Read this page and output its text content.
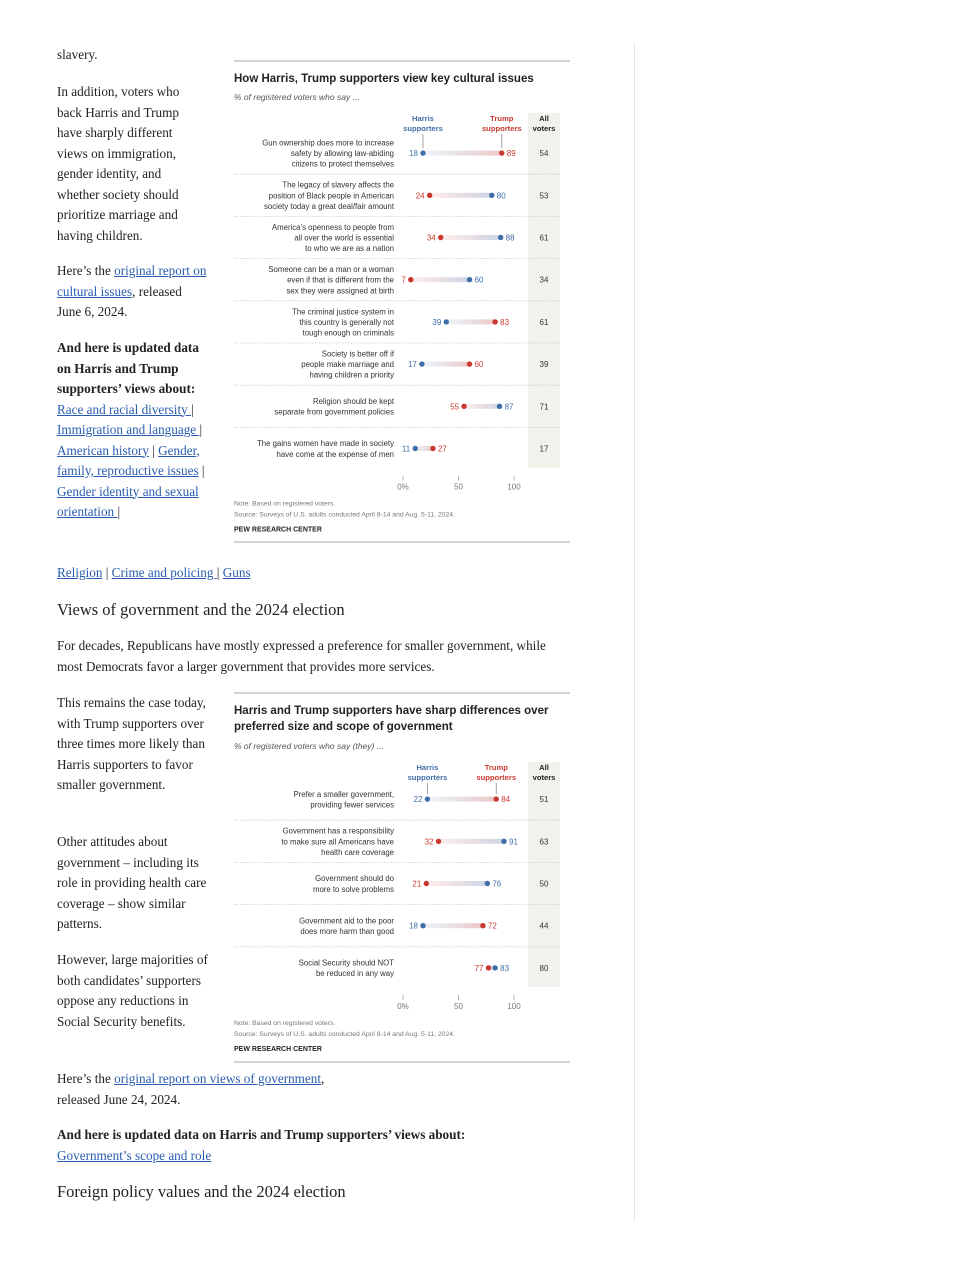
slavery.
In addition, voters who back Harris and Trump have sharply different views on immigration, gender identity, and whether society should prioritize marriage and having children.
Here’s the original report on cultural issues, released June 6, 2024.
And here is updated data on Harris and Trump supporters’ views about: Race and racial diversity | Immigration and language | American history | Gender, family, reproductive issues | Gender identity and sexual orientation |
Religion | Crime and policing | Guns
How Harris, Trump supporters view key cultural issues
% of registered voters who say ...
Harris
supporters
Trump
supporters
All
voters
Gun ownership does more to increase
safety by allowing law-abiding
citizens to protect themselves
18	89	54
The legacy of slavery affects the
position of Black people in American
society today a great deal/fair amount
24	80	53
America’s openness to people from
all over the world is essential
to who we are as a nation
34	88	61
Someone can be a man or a woman
even if that is different from the
sex they were assigned at birth
7	60	34
The criminal justice system in
this country is generally not
tough enough on criminals
39	83	61
Society is better off if
people make marriage and
having children a priority
17	60	39
Religion should be kept
separate from government policies
55	87	71
The gains women have made in society
have come at the expense of men
11	27	17
0%	50	100
Note: Based on registered voters.
Source: Surveys of U.S. adults conducted April 8-14 and Aug. 5-11, 2024.
PEW RESEARCH CENTER
Views of government and the 2024 election
For decades, Republicans have mostly expressed a preference for smaller government, while most Democrats favor a larger government that provides more services.
This remains the case today, with Trump supporters over three times more likely than Harris supporters to favor smaller government.
Other attitudes about government – including its role in providing health care coverage – show similar patterns.
However, large majorities of both candidates’ supporters oppose any reductions in Social Security benefits.
Harris and Trump supporters have sharp differences over
preferred size and scope of government
% of registered voters who say (they) ...
Harris
supporters
Trump
supporters
All
voters
Prefer a smaller government,
providing fewer services
22	84	51
Government has a responsibility
to make sure all Americans have
health care coverage
32	91	63
Government should do
more to solve problems
21	76	50
Government aid to the poor
does more harm than good
18	72	44
Social Security should NOT
be reduced in any way
77 83	80
0%	50	100
Note: Based on registered voters.
Source: Surveys of U.S. adults conducted April 8-14 and Aug. 5-11, 2024.
PEW RESEARCH CENTER
Here’s the original report on views of government, released June 24, 2024.
And here is updated data on Harris and Trump supporters’ views about: Government’s scope and role
Foreign policy values and the 2024 election
